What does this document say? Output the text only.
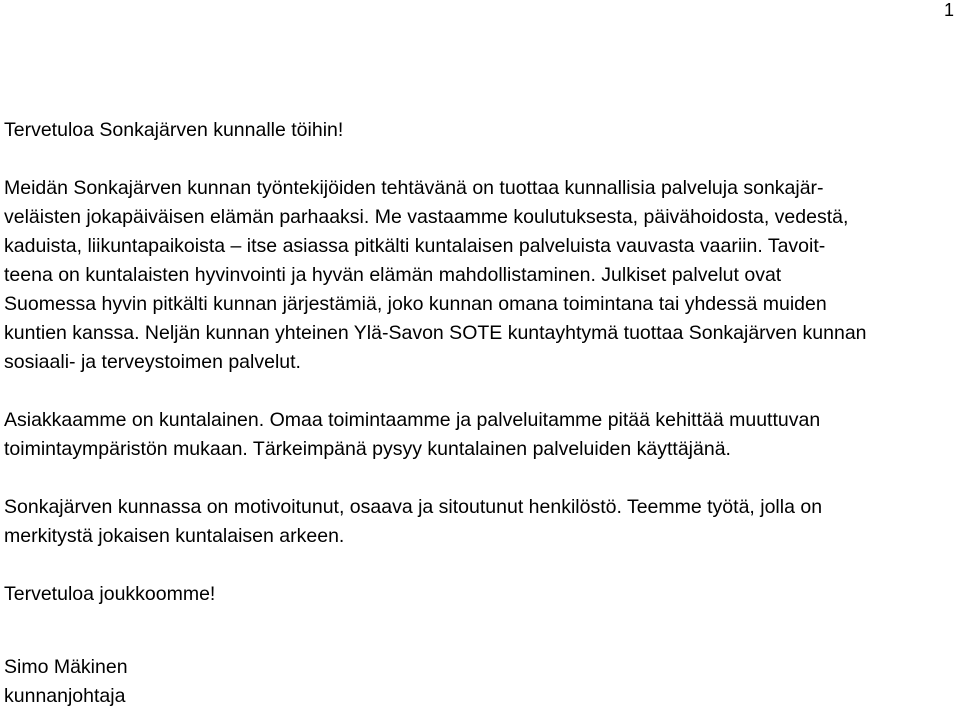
1

Tervetuloa Sonkajärven kunnalle töihin!

Meidän Sonkajärven kunnan työntekijöiden tehtävänä on tuottaa kunnallisia palveluja sonkajär-

veläisten jokapäiväisen elämän parhaaksi. Me vastaamme koulutuksesta, päivähoidosta, vedestä,

kaduista, liikuntapaikoista – itse asiassa pitkälti kuntalaisen palveluista vauvasta vaariin. Tavoit-

teena on kuntalaisten hyvinvointi ja hyvän elämän mahdollistaminen. Julkiset palvelut ovat

Suomessa hyvin pitkälti kunnan järjestämiä, joko kunnan omana toimintana tai yhdessä muiden

kuntien kanssa. Neljän kunnan yhteinen Ylä-Savon SOTE kuntayhtymä tuottaa Sonkajärven kunnan

sosiaali- ja terveystoimen palvelut.

Asiakkaamme on kuntalainen. Omaa toimintaamme ja palveluitamme pitää kehittää muuttuvan

toimintaympäristön mukaan. Tärkeimpänä pysyy kuntalainen palveluiden käyttäjänä.

Sonkajärven kunnassa on motivoitunut, osaava ja sitoutunut henkilöstö. Teemme työtä, jolla on

merkitystä jokaisen kuntalaisen arkeen.

Tervetuloa joukkoomme!

Simo Mäkinen

kunnanjohtaja
